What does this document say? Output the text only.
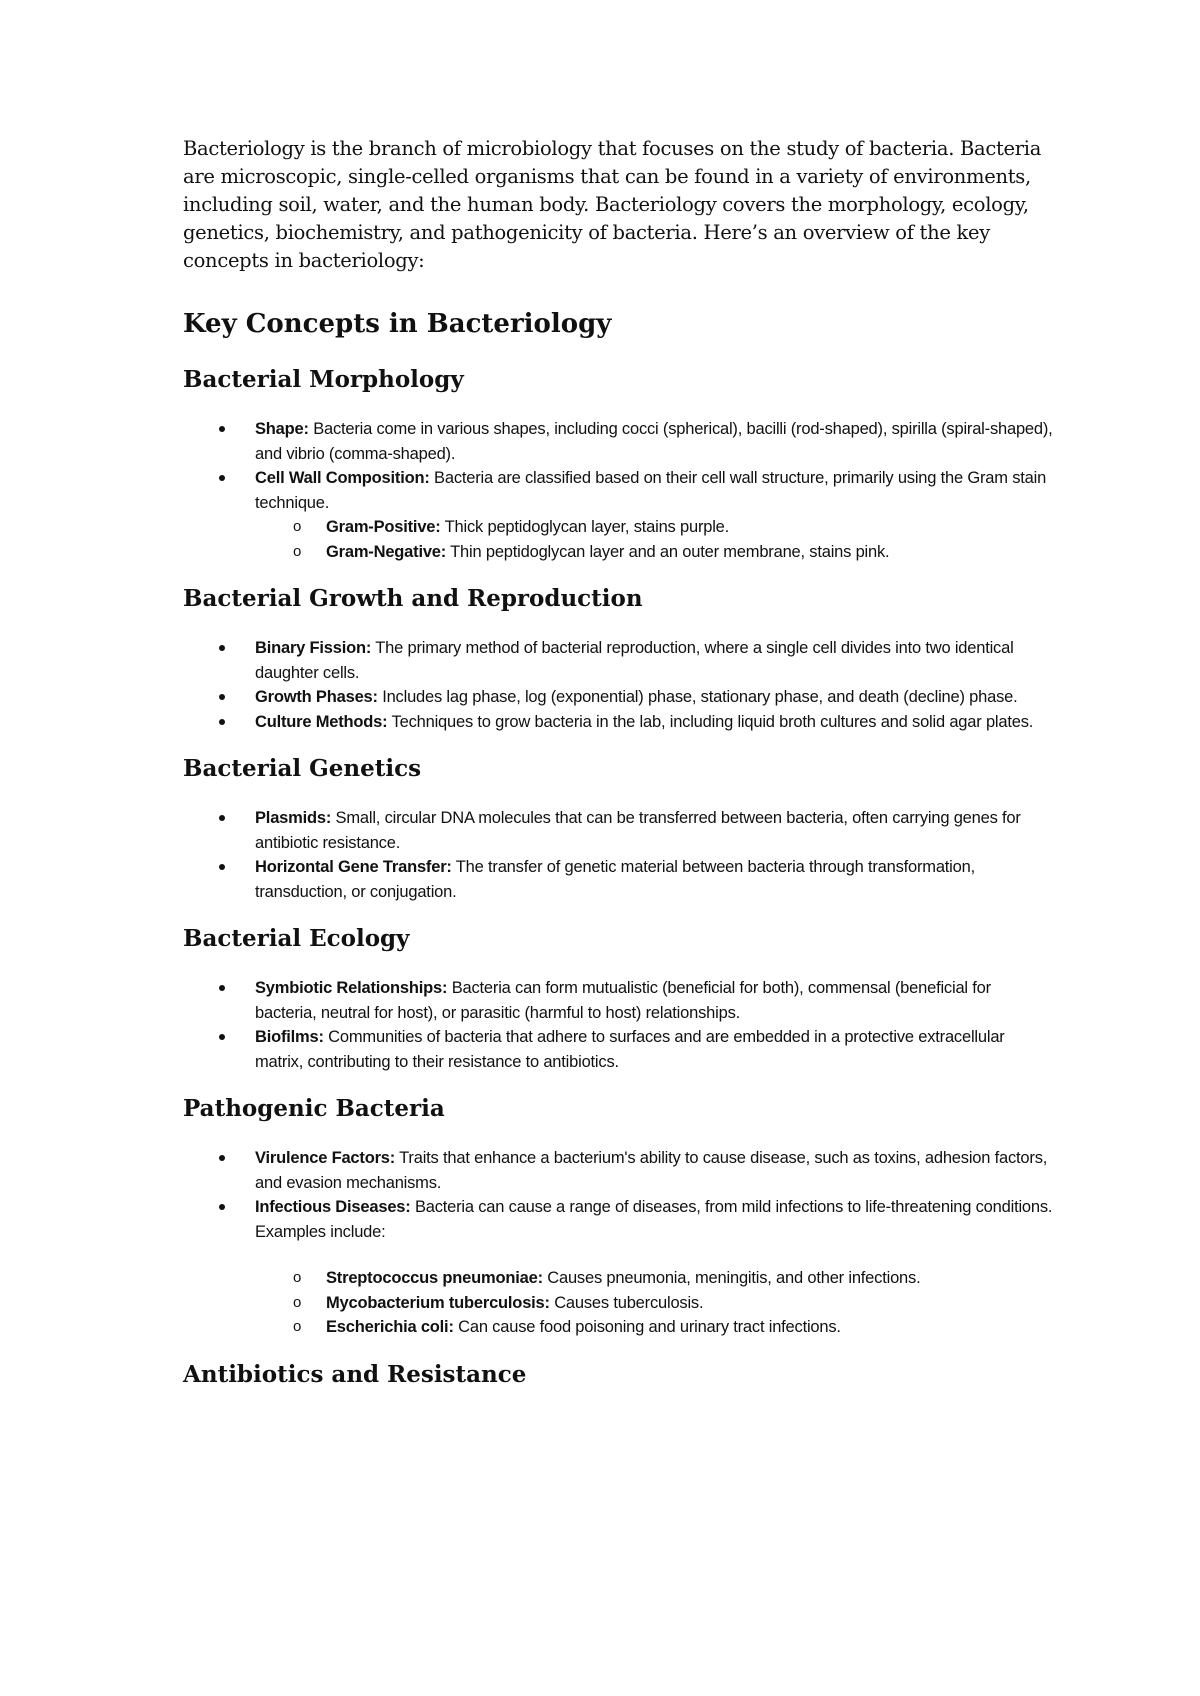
Bacteriology is the branch of microbiology that focuses on the study of bacteria. Bacteria are microscopic, single-celled organisms that can be found in a variety of environments, including soil, water, and the human body. Bacteriology covers the morphology, ecology, genetics, biochemistry, and pathogenicity of bacteria. Here’s an overview of the key concepts in bacteriology:

Key Concepts in Bacteriology
Bacterial Morphology
Shape: Bacteria come in various shapes, including cocci (spherical), bacilli (rod-shaped), spirilla (spiral-shaped), and vibrio (comma-shaped).
Cell Wall Composition: Bacteria are classified based on their cell wall structure, primarily using the Gram stain technique.
o Gram-Positive: Thick peptidoglycan layer, stains purple.
o Gram-Negative: Thin peptidoglycan layer and an outer membrane, stains pink.
Bacterial Growth and Reproduction
Binary Fission: The primary method of bacterial reproduction, where a single cell divides into two identical daughter cells.
Growth Phases: Includes lag phase, log (exponential) phase, stationary phase, and death (decline) phase.
Culture Methods: Techniques to grow bacteria in the lab, including liquid broth cultures and solid agar plates.
Bacterial Genetics
Plasmids: Small, circular DNA molecules that can be transferred between bacteria, often carrying genes for antibiotic resistance.
Horizontal Gene Transfer: The transfer of genetic material between bacteria through transformation, transduction, or conjugation.
Bacterial Ecology
Symbiotic Relationships: Bacteria can form mutualistic (beneficial for both), commensal (beneficial for bacteria, neutral for host), or parasitic (harmful to host) relationships.
Biofilms: Communities of bacteria that adhere to surfaces and are embedded in a protective extracellular matrix, contributing to their resistance to antibiotics.
Pathogenic Bacteria
Virulence Factors: Traits that enhance a bacterium's ability to cause disease, such as toxins, adhesion factors, and evasion mechanisms.
Infectious Diseases: Bacteria can cause a range of diseases, from mild infections to life-threatening conditions. Examples include:
o Streptococcus pneumoniae: Causes pneumonia, meningitis, and other infections.
o Mycobacterium tuberculosis: Causes tuberculosis.
o Escherichia coli: Can cause food poisoning and urinary tract infections.
Antibiotics and Resistance
